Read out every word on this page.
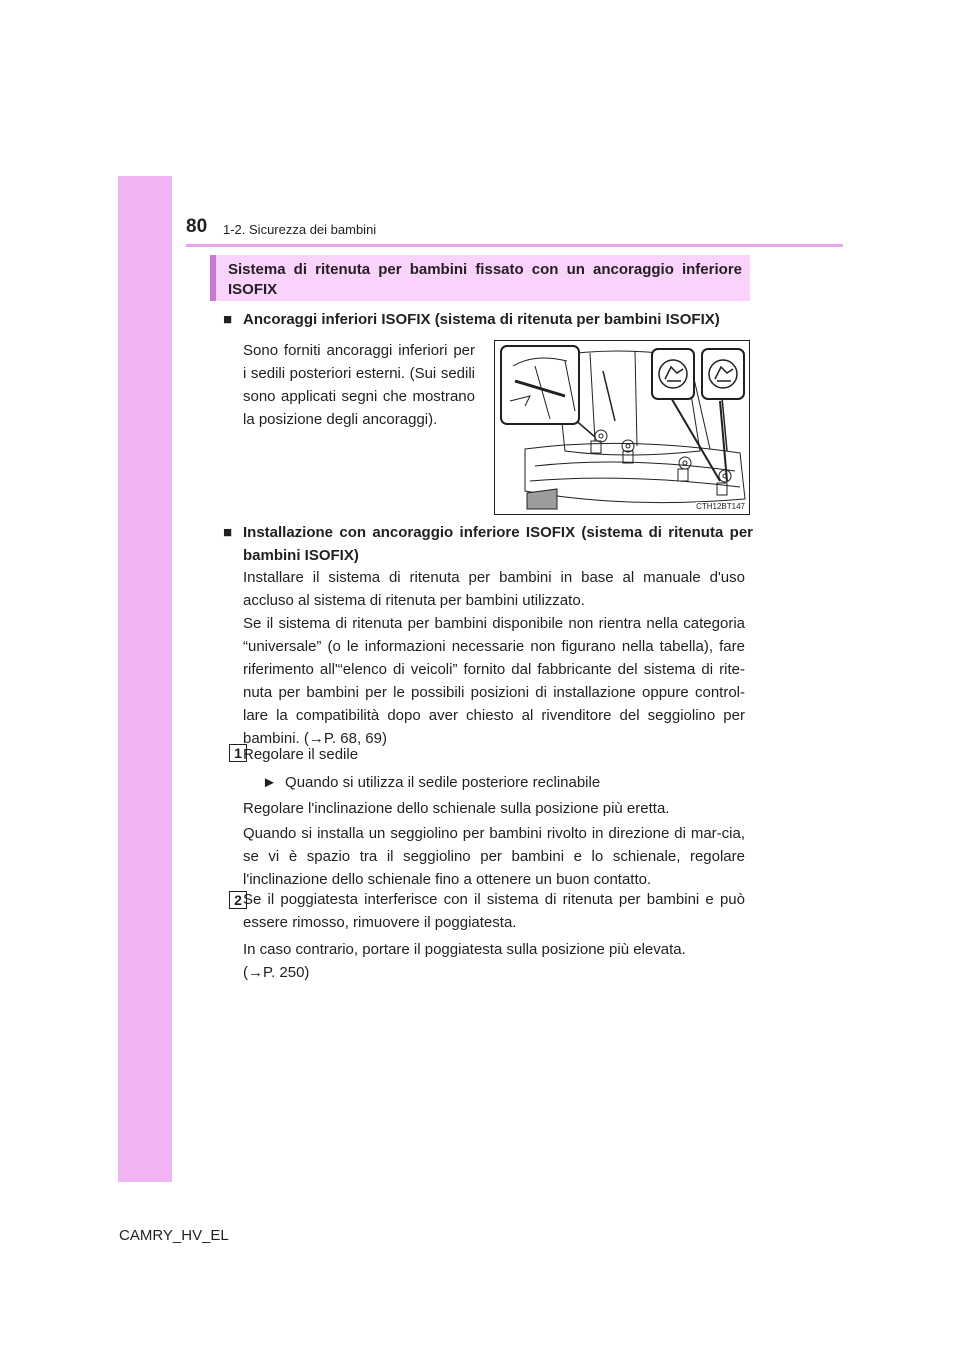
80 1-2. Sicurezza dei bambini
Sistema di ritenuta per bambini fissato con un ancoraggio inferiore ISOFIX
■ Ancoraggi inferiori ISOFIX (sistema di ritenuta per bambini ISOFIX)
Sono forniti ancoraggi inferiori per i sedili posteriori esterni. (Sui sedili sono applicati segni che mostrano la posizione degli ancoraggi).
CTH12BT147
■ Installazione con ancoraggio inferiore ISOFIX (sistema di ritenuta per bambini ISOFIX)
Installare il sistema di ritenuta per bambini in base al manuale d'uso accluso al sistema di ritenuta per bambini utilizzato.
Se il sistema di ritenuta per bambini disponibile non rientra nella categoria “universale” (o le informazioni necessarie non figurano nella tabella), fare riferimento all'“elenco di veicoli” fornito dal fabbricante del sistema di rite-nuta per bambini per le possibili posizioni di installazione oppure control-lare la compatibilità dopo aver chiesto al rivenditore del seggiolino per bambini. (→P. 68, 69)
1 Regolare il sedile
► Quando si utilizza il sedile posteriore reclinabile
Regolare l'inclinazione dello schienale sulla posizione più eretta.
Quando si installa un seggiolino per bambini rivolto in direzione di mar-cia, se vi è spazio tra il seggiolino per bambini e lo schienale, regolare l'inclinazione dello schienale fino a ottenere un buon contatto.
2 Se il poggiatesta interferisce con il sistema di ritenuta per bambini e può essere rimosso, rimuovere il poggiatesta.
In caso contrario, portare il poggiatesta sulla posizione più elevata.
(→P. 250)
CAMRY_HV_EL
